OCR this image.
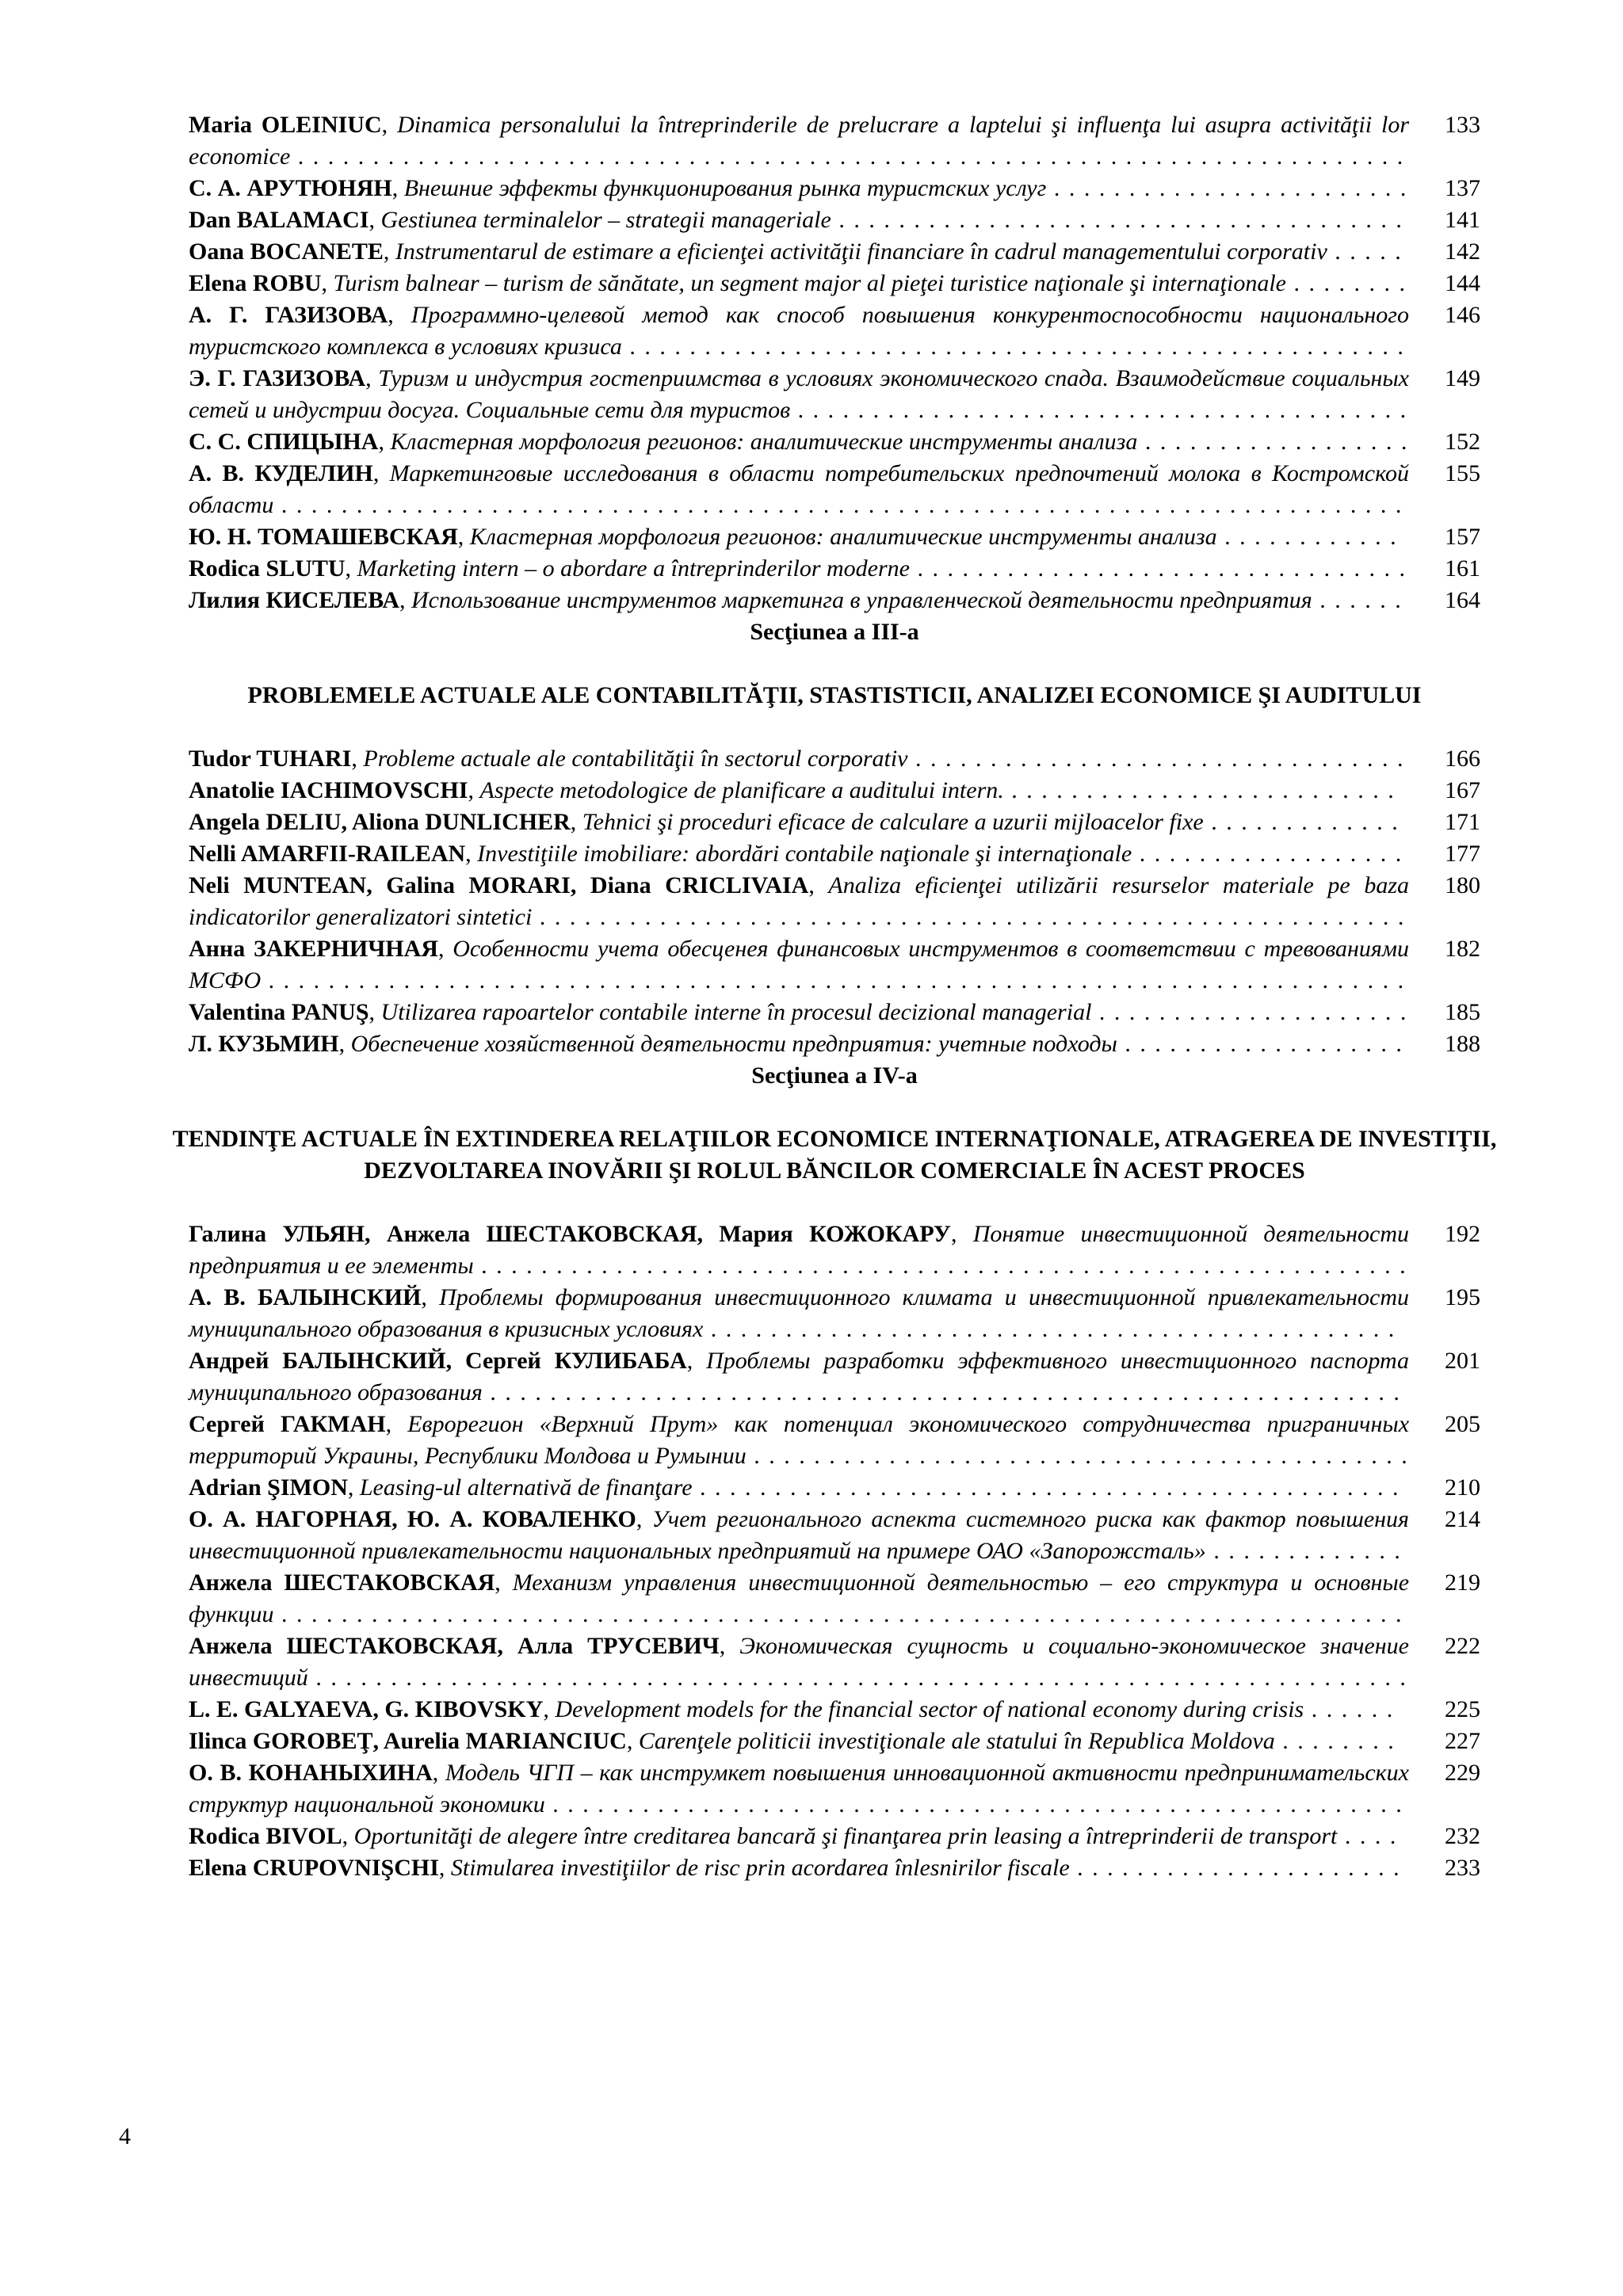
133
Maria OLEINIUC, Dinamica personalului la întreprinderile de prelucrare a laptelui şi influenţa lui asupra activităţii lor economice . . . . . . . . . . . . . . . . . . . . . . . . . . . . . . . . . . . . . . . . . . . . . . . . . . . . . . . . . . . . . . . . . . . . . . . . . .

137
С. А. АРУТЮНЯН, Внешние эффекты функционирования рынка туристских услуг . . . . . . . . . . . . . . . . . . . . . . . .

141
Dan BALAMACI, Gestiunea terminalelor – strategii manageriale . . . . . . . . . . . . . . . . . . . . . . . . . . . . . . . . . . . . . .

142
Oana BOCANETE, Instrumentarul de estimare a eficienţei activităţii financiare în cadrul managementului corporativ . . . . .

144
Elena ROBU, Turism balnear – turism de sănătate, un segment major al pieţei turistice naţionale şi internaţionale . . . . . . . .

146
А. Г. ГАЗИЗОВА, Программно-целевой метод как способ повышения конкурентоспособности национального туристского комплекса в условиях кризиса . . . . . . . . . . . . . . . . . . . . . . . . . . . . . . . . . . . . . . . . . . . . . . . . . . . .

149
Э. Г. ГАЗИЗОВА, Туризм и индустрия гостеприимства в условиях экономического спада. Взаимодействие социальных сетей и индустрии досуга. Социальные сети для туристов . . . . . . . . . . . . . . . . . . . . . . . . . . . . . . . . . . . . . . . . .

152
С. С. СПИЦЫНА, Кластерная морфология регионов: аналитические инструменты анализа . . . . . . . . . . . . . . . . . .

155
А. В. КУДЕЛИН, Маркетинговые исследования в области потребительских предпочтений молока в Костромской области . . . . . . . . . . . . . . . . . . . . . . . . . . . . . . . . . . . . . . . . . . . . . . . . . . . . . . . . . . . . . . . . . . . . . . . . . . .

157
Ю. Н. ТОМАШЕВСКАЯ, Кластерная морфология регионов: аналитические инструменты анализа . . . . . . . . . . . .

161
Rodica SLUTU, Marketing intern – o abordare a întreprinderilor moderne . . . . . . . . . . . . . . . . . . . . . . . . . . . . . . . . .

164
Лилия КИСЕЛЕВА, Использование инструментов маркетинга в управленческой деятельности предприятия . . . . . .

Secţiunea a III-a

PROBLEMELE ACTUALE ALE CONTABILITĂŢII, STASTISTICII, ANALIZEI ECONOMICE ŞI AUDITULUI

166
Tudor TUHARI, Probleme actuale ale contabilităţii în sectorul corporativ . . . . . . . . . . . . . . . . . . . . . . . . . . . . . . . . .

167
Anatolie IACHIMOVSCHI, Aspecte metodologice de planificare a auditului intern. . . . . . . . . . . . . . . . . . . . . . . . . . .

171
Angela DELIU, Aliona DUNLICHER, Tehnici şi proceduri eficace de calculare a uzurii mijloacelor fixe . . . . . . . . . . . . .

177
Nelli AMARFII-RAILEAN, Investiţiile imobiliare: abordări contabile naţionale şi internaţionale . . . . . . . . . . . . . . . . . .

180
Neli MUNTEAN, Galina MORARI, Diana CRICLIVAIA, Analiza eficienţei utilizării resurselor materiale pe baza indicatorilor generalizatori sintetici . . . . . . . . . . . . . . . . . . . . . . . . . . . . . . . . . . . . . . . . . . . . . . . . . . . . . . . . . .

182
Анна ЗАКЕРНИЧНАЯ, Особенности учета обесценея финансовых инструментов в соответствии с тревованиями МСФО . . . . . . . . . . . . . . . . . . . . . . . . . . . . . . . . . . . . . . . . . . . . . . . . . . . . . . . . . . . . . . . . . . . . . . . . . . . .

185
Valentina PANUŞ, Utilizarea rapoartelor contabile interne în procesul decizional managerial . . . . . . . . . . . . . . . . . . . . .

188
Л. КУЗЬМИН, Обеспечение хозяйственной деятельности предприятия: учетные подходы . . . . . . . . . . . . . . . . . . .

Secţiunea a IV-a

TENDINŢE ACTUALE ÎN EXTINDEREA RELAŢIILOR ECONOMICE INTERNAŢIONALE, ATRAGEREA DE INVESTIŢII, DEZVOLTAREA INOVĂRII ŞI ROLUL BĂNCILOR COMERCIALE ÎN ACEST PROCES

192
Галина УЛЬЯН, Анжела ШЕСТАКОВСКАЯ, Мария КОЖОКАРУ, Понятие инвестиционной деятельности предприятия и ее элементы . . . . . . . . . . . . . . . . . . . . . . . . . . . . . . . . . . . . . . . . . . . . . . . . . . . . . . . . . . . . . .

195
А. В. БАЛЫНСКИЙ, Проблемы формирования инвестиционного климата и инвестиционной привлекательности муниципального образования в кризисных условиях . . . . . . . . . . . . . . . . . . . . . . . . . . . . . . . . . . . . . . . . . . . . . .

201
Андрей БАЛЫНСКИЙ, Сергей КУЛИБАБА, Проблемы разработки эффективного инвестиционного паспорта муниципального образования . . . . . . . . . . . . . . . . . . . . . . . . . . . . . . . . . . . . . . . . . . . . . . . . . . . . . . . . . . . . .

205
Сергей ГАКМАН, Еврорегион «Верхний Прут» как потенциал экономического сотрудничества приграничных территорий Украины, Республики Молдова и Румынии . . . . . . . . . . . . . . . . . . . . . . . . . . . . . . . . . . . . . . . . . . . .

210
Adrian ŞIMON, Leasing-ul alternativă de finanţare . . . . . . . . . . . . . . . . . . . . . . . . . . . . . . . . . . . . . . . . . . . . . . .

214
О. А. НАГОРНАЯ, Ю. А. КОВАЛЕНКО, Учет регионального аспекта системного риска как фактор повышения инвестиционной привлекательности национальных предприятий на примере ОАО «Запорожсталь» . . . . . . . . . . . . .

219
Анжела ШЕСТАКОВСКАЯ, Механизм управления инвестиционной деятельностью – его структура и основные функции . . . . . . . . . . . . . . . . . . . . . . . . . . . . . . . . . . . . . . . . . . . . . . . . . . . . . . . . . . . . . . . . . . . . . . . . . . .

222
Анжела ШЕСТАКОВСКАЯ, Алла ТРУСЕВИЧ, Экономическая сущность и социально-экономическое значение инвестиций . . . . . . . . . . . . . . . . . . . . . . . . . . . . . . . . . . . . . . . . . . . . . . . . . . . . . . . . . . . . . . . . . . . . . . . . .

225
L. E. GALYAEVA, G. KIBOVSKY, Development models for the financial sector of national economy during crisis . . . . . .

227
Ilinca GOROBEŢ, Aurelia MARIANCIUC, Carenţele politicii investiţionale ale statului în Republica Moldova . . . . . . . .

229
О. В. КОНАНЫХИНА, Модель ЧГП – как инструмкет повышения инновационной активности предпринимательских структур национальной экономики . . . . . . . . . . . . . . . . . . . . . . . . . . . . . . . . . . . . . . . . . . . . . . . . . . . . . . . . .

232
Rodica BIVOL, Oportunităţi de alegere între creditarea bancară şi finanţarea prin leasing a întreprinderii de transport . . . .

233
Elena CRUPOVNIŞCHI, Stimularea investiţiilor de risc prin acordarea înlesnirilor fiscale . . . . . . . . . . . . . . . . . . . . . .

4
